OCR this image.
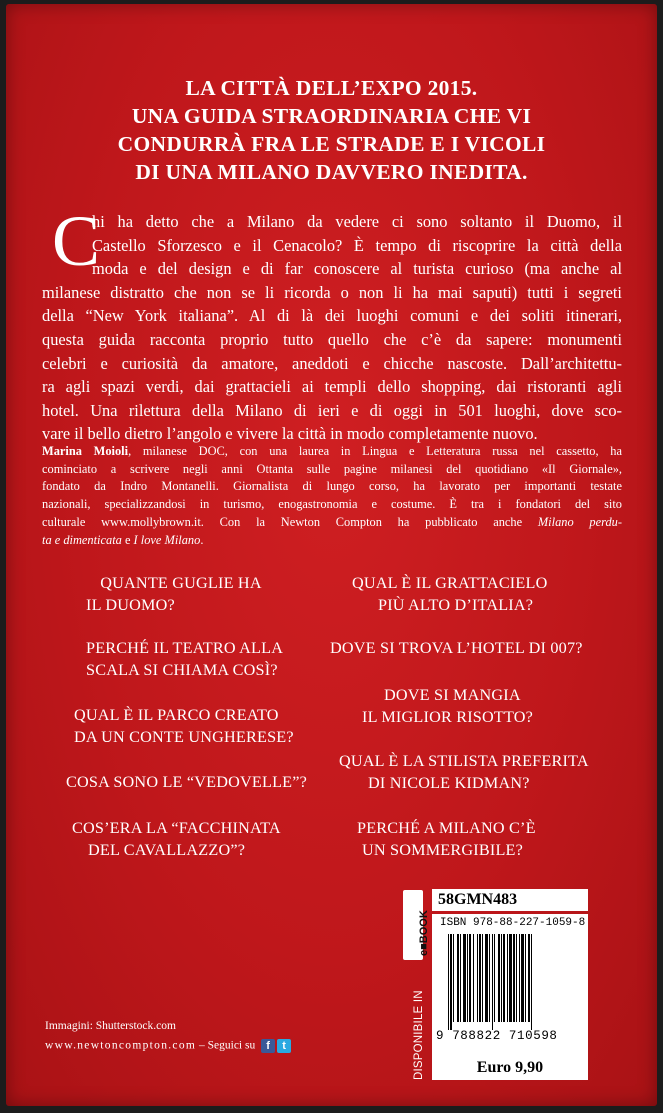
LA CITTÀ DELL’EXPO 2015.
UNA GUIDA STRAORDINARIA CHE VI
CONDURRÀ FRA LE STRADE E I VICOLI
DI UNA MILANO DAVVERO INEDITA.
C
hi ha detto che a Milano da vedere ci sono soltanto il Duomo, il
Castello Sforzesco e il Cenacolo? È tempo di riscoprire la città della
moda e del design e di far conoscere al turista curioso (ma anche al
milanese distratto che non se li ricorda o non li ha mai saputi) tutti i segreti
della “New York italiana”. Al di là dei luoghi comuni e dei soliti itinerari,
questa guida racconta proprio tutto quello che c’è da sapere: monumenti
celebri e curiosità da amatore, aneddoti e chicche nascoste. Dall’architettu-
ra agli spazi verdi, dai grattacieli ai templi dello shopping, dai ristoranti agli
hotel. Una rilettura della Milano di ieri e di oggi in 501 luoghi, dove sco-
vare il bello dietro l’angolo e vivere la città in modo completamente nuovo.
Marina Moioli, milanese DOC, con una laurea in Lingua e Letteratura russa nel cassetto, ha
cominciato a scrivere negli anni Ottanta sulle pagine milanesi del quotidiano «Il Giornale»,
fondato da Indro Montanelli. Giornalista di lungo corso, ha lavorato per importanti testate
nazionali, specializzandosi in turismo, enogastronomia e costume. È tra i fondatori del sito
culturale www.mollybrown.it. Con la Newton Compton ha pubblicato anche Milano perdu-
ta e dimenticata e I love Milano.
QUANTE GUGLIE HA
IL DUOMO?
PERCHÉ IL TEATRO ALLA
SCALA SI CHIAMA COSÌ?
QUAL È IL PARCO CREATO
DA UN CONTE UNGHERESE?
COSA SONO LE “VEDOVELLE”?
COS’ERA LA “FACCHINATA
DEL CAVALLAZZO”?
QUAL È IL GRATTACIELO
PIÙ ALTO D’ITALIA?
DOVE SI TROVA L’HOTEL DI 007?
DOVE SI MANGIA
IL MIGLIOR RISOTTO?
QUAL È LA STILISTA PREFERITA
DI NICOLE KIDMAN?
PERCHÉ A MILANO C’È
UN SOMMERGIBILE?
DISPONIBILE IN
e■BOOK
58GMN483
ISBN 978-88-227-1059-8
9 788822 710598
Euro 9,90
Immagini: Shutterstock.com
www.newtoncompton.com – Seguici su f t
